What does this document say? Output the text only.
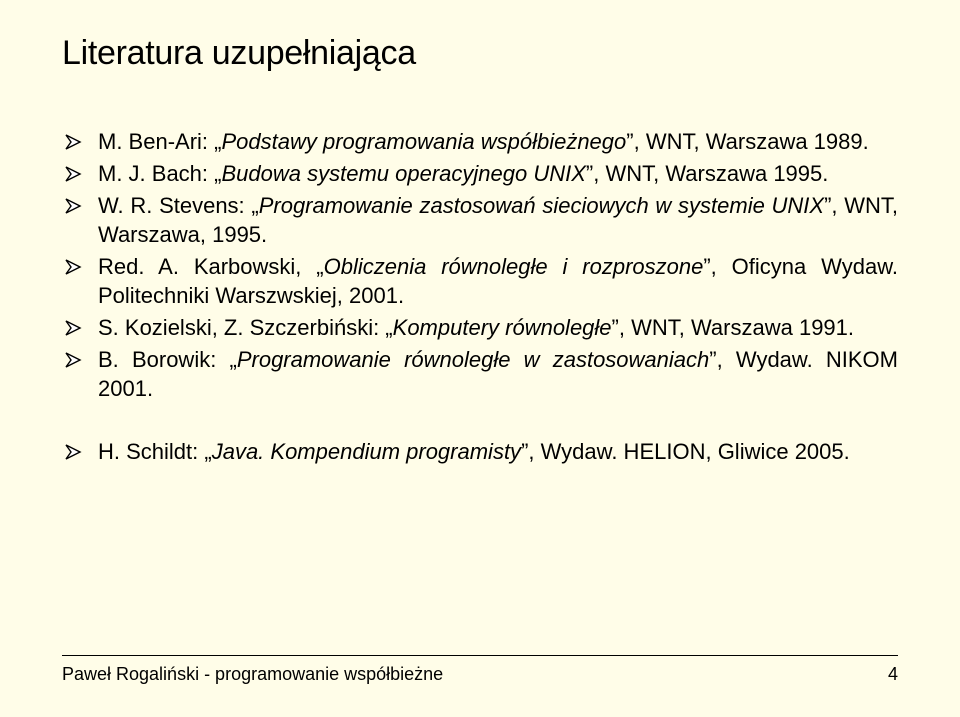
Literatura uzupełniająca
M. Ben-Ari: „Podstawy programowania współbieżnego”, WNT, Warszawa 1989.
M. J. Bach: „Budowa systemu operacyjnego UNIX”, WNT, Warszawa 1995.
W. R. Stevens: „Programowanie zastosowań sieciowych w systemie UNIX”, WNT, Warszawa, 1995.
Red. A. Karbowski, „Obliczenia równoległe i rozproszone”, Oficyna Wydaw. Politechniki Warszwskiej, 2001.
S. Kozielski, Z. Szczerbiński: „Komputery równoległe”, WNT, Warszawa 1991.
B. Borowik: „Programowanie równoległe w zastosowaniach”, Wydaw. NIKOM 2001.
H. Schildt: „Java. Kompendium programisty”, Wydaw. HELION, Gliwice 2005.
Paweł Rogaliński - programowanie współbieżne	4
